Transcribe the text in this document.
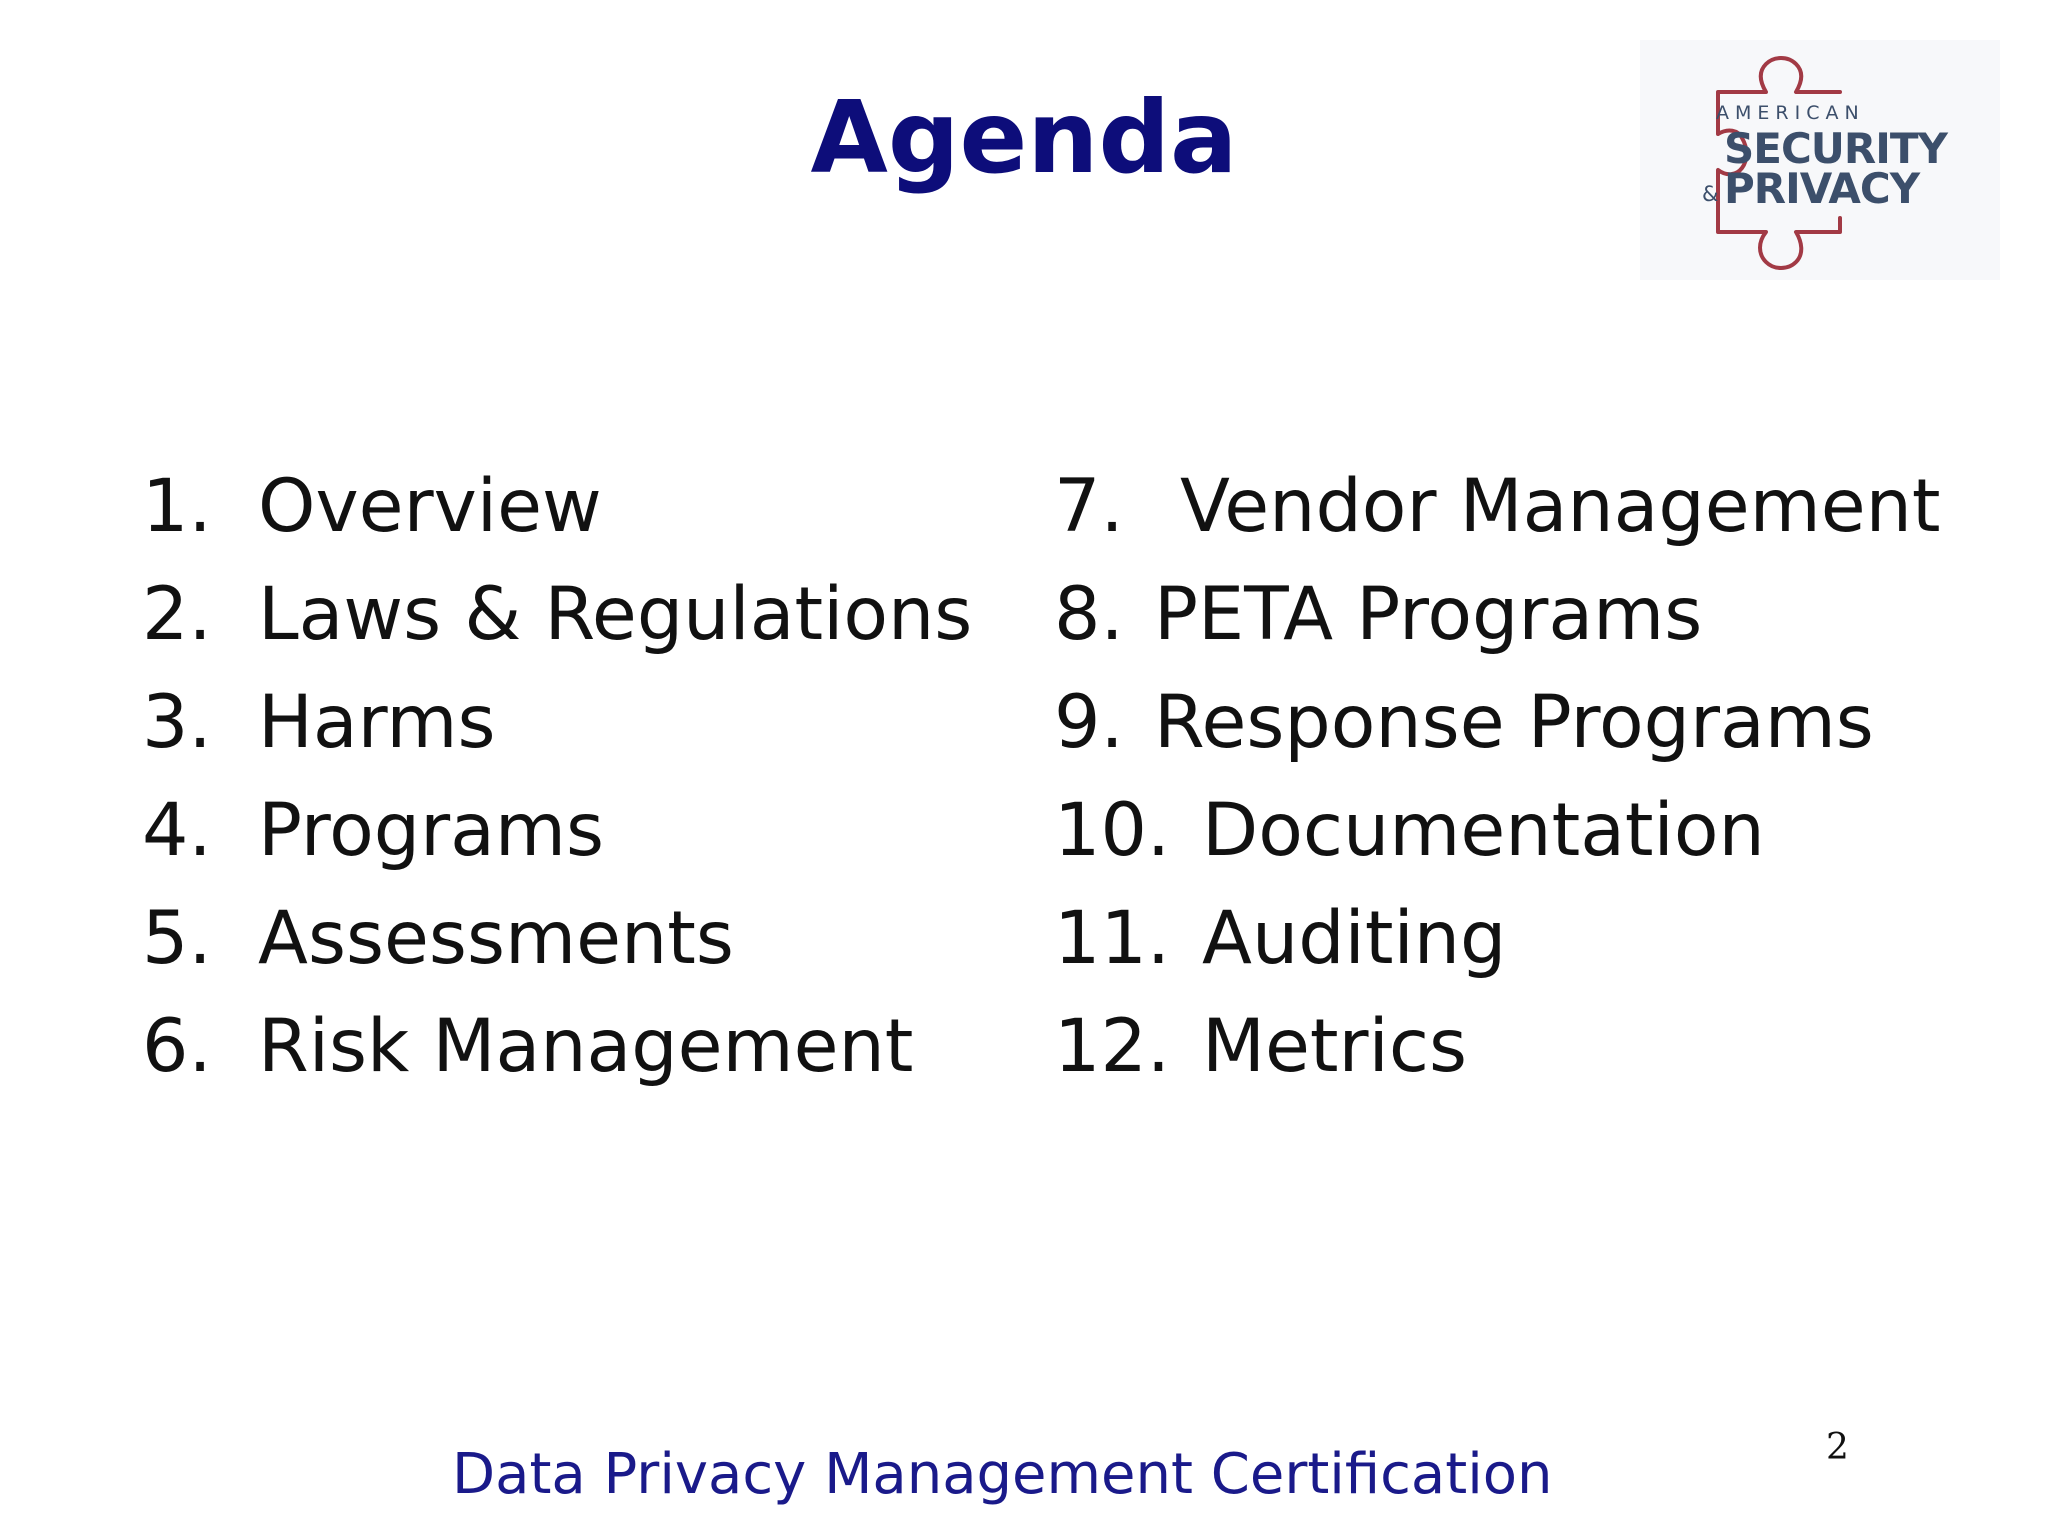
Agenda	AMERICAN
SECURITY
& PRIVACY
1. Overview
2. Laws & Regulations
3. Harms
4. Programs
5. Assessments
6. Risk Management
7. Vendor Management
8. PETA Programs
9. Response Programs
10. Documentation
11. Auditing
12. Metrics
Data Privacy Management Certification	2
